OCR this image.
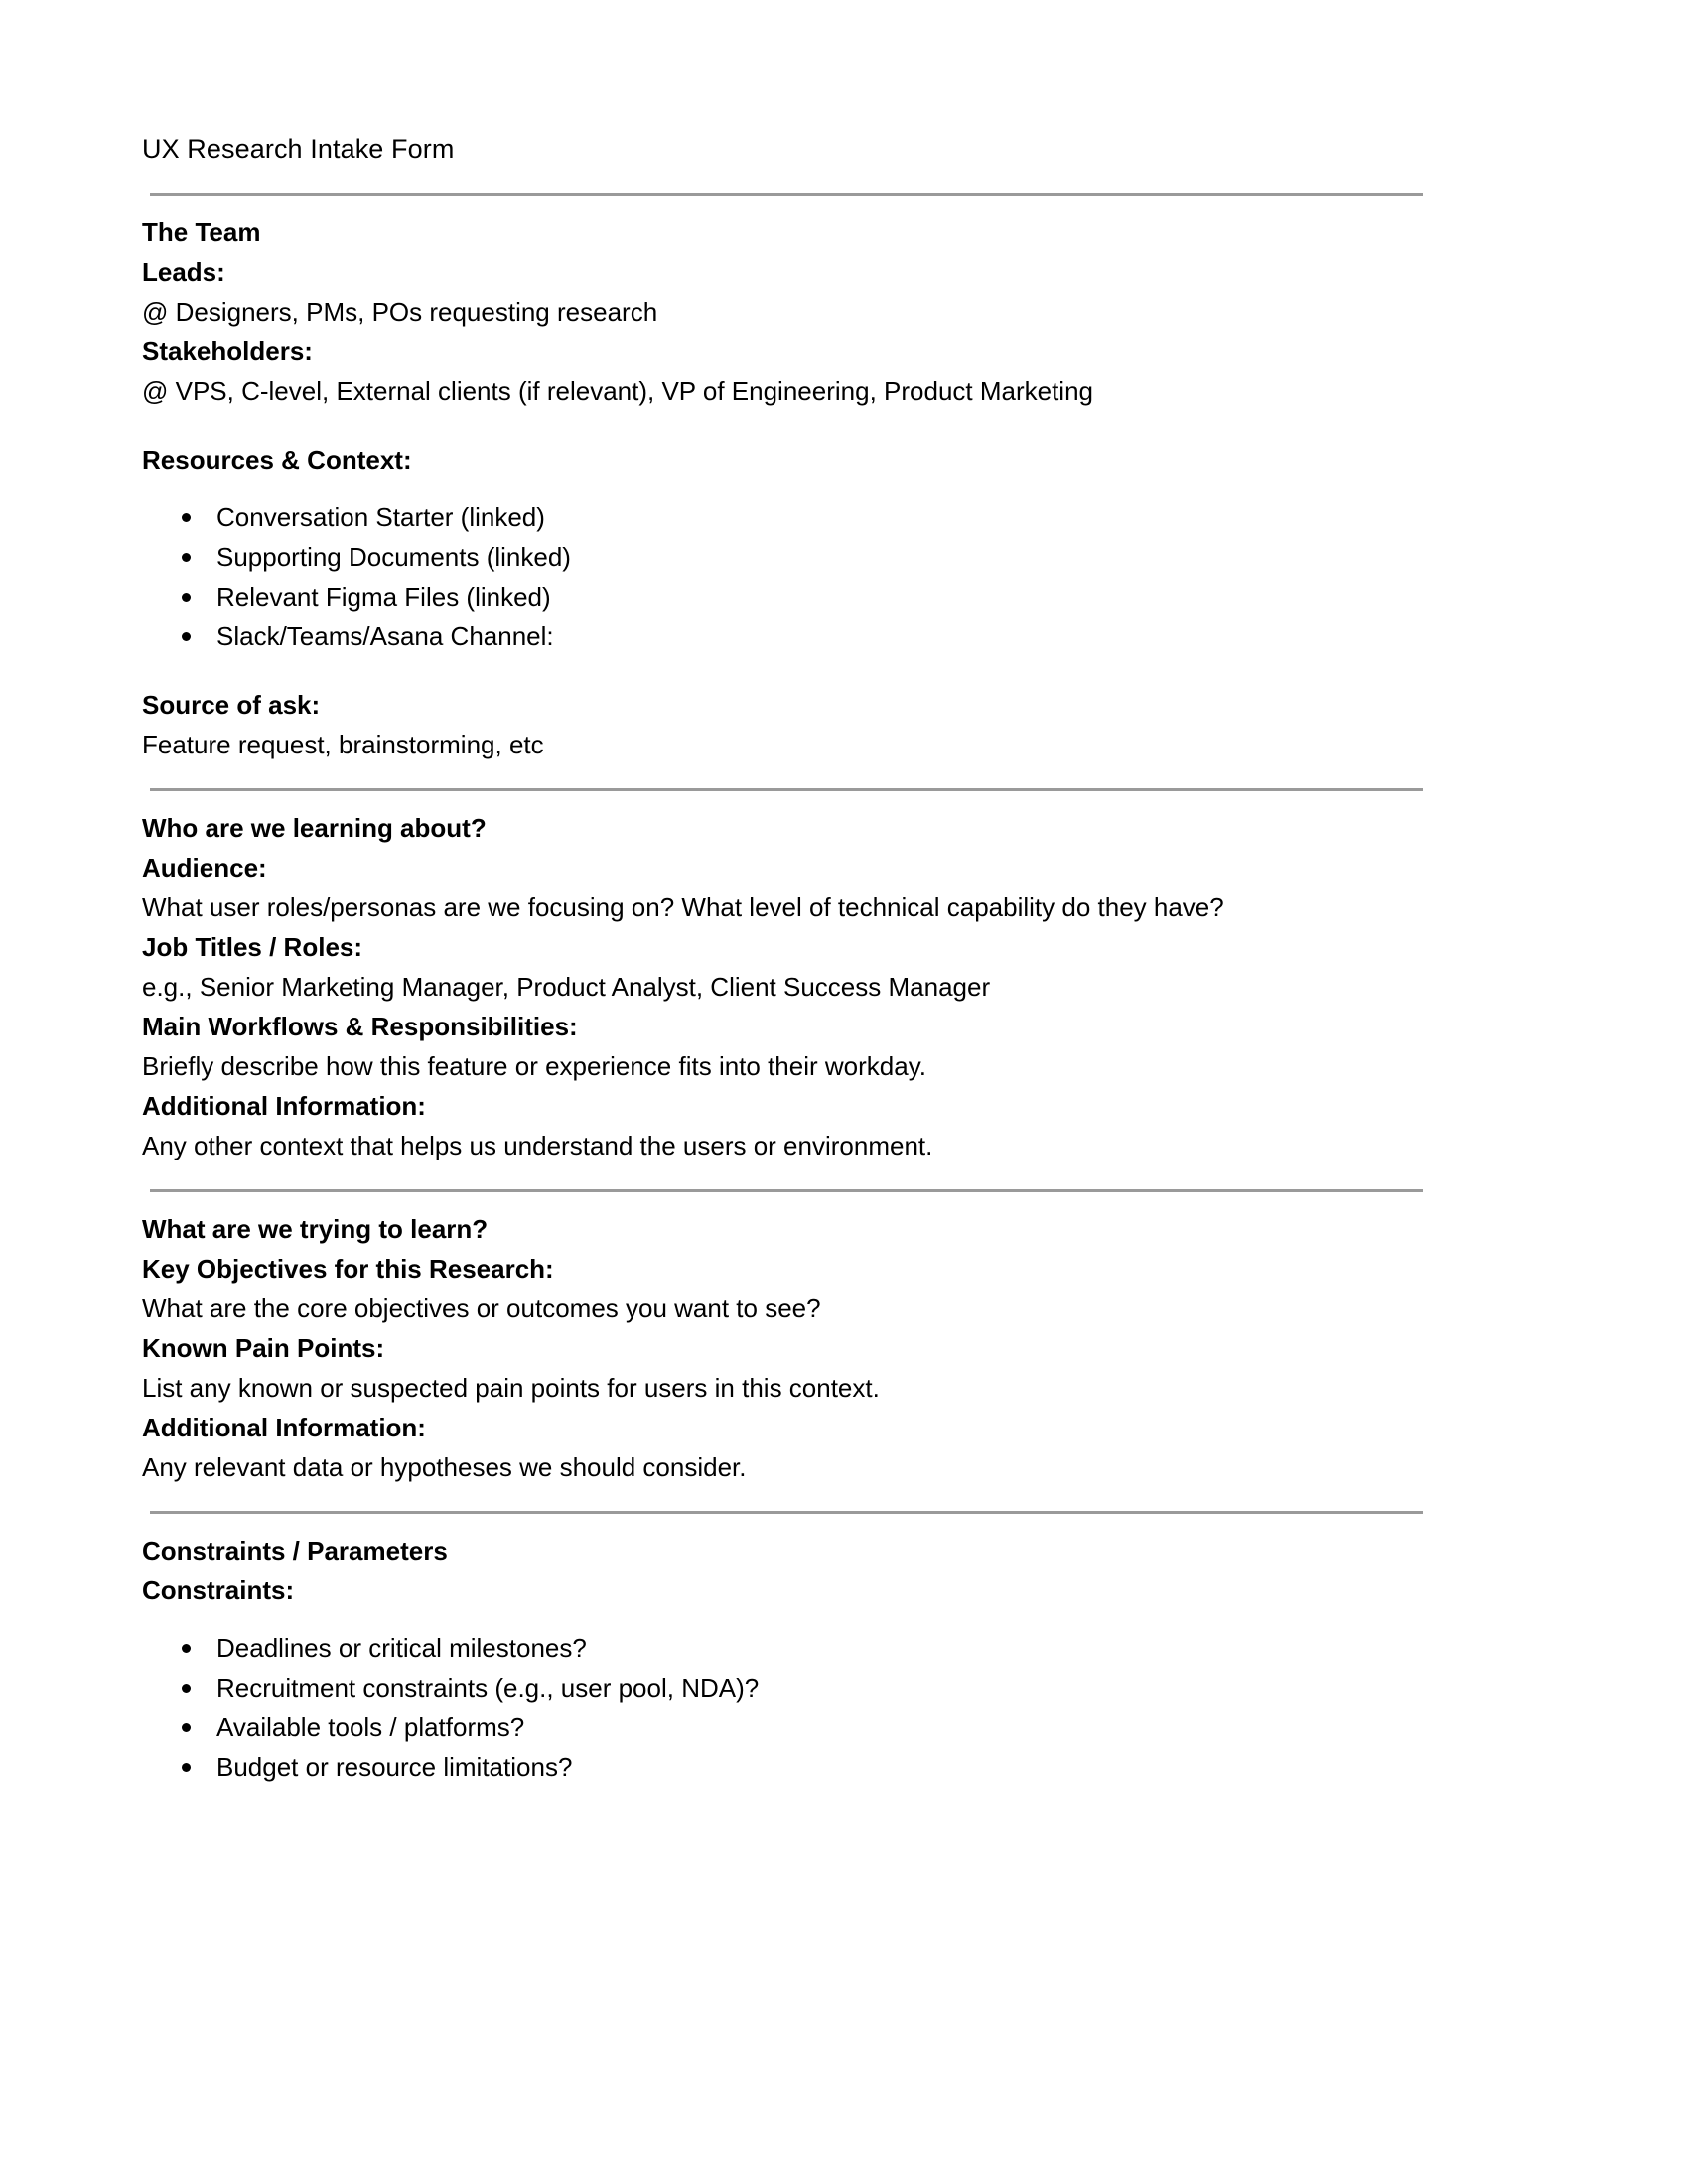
UX Research Intake Form
The Team
Leads:
@ Designers, PMs, POs requesting research
Stakeholders:
@ VPS, C-level, External clients (if relevant), VP of Engineering, Product Marketing
Resources & Context:
Conversation Starter (linked)
Supporting Documents (linked)
Relevant Figma Files (linked)
Slack/Teams/Asana Channel:
Source of ask:
Feature request, brainstorming, etc
Who are we learning about?
Audience:
What user roles/personas are we focusing on? What level of technical capability do they have?
Job Titles / Roles:
e.g., Senior Marketing Manager, Product Analyst, Client Success Manager
Main Workflows & Responsibilities:
Briefly describe how this feature or experience fits into their workday.
Additional Information:
Any other context that helps us understand the users or environment.
What are we trying to learn?
Key Objectives for this Research:
What are the core objectives or outcomes you want to see?
Known Pain Points:
List any known or suspected pain points for users in this context.
Additional Information:
Any relevant data or hypotheses we should consider.
Constraints / Parameters
Constraints:
Deadlines or critical milestones?
Recruitment constraints (e.g., user pool, NDA)?
Available tools / platforms?
Budget or resource limitations?
